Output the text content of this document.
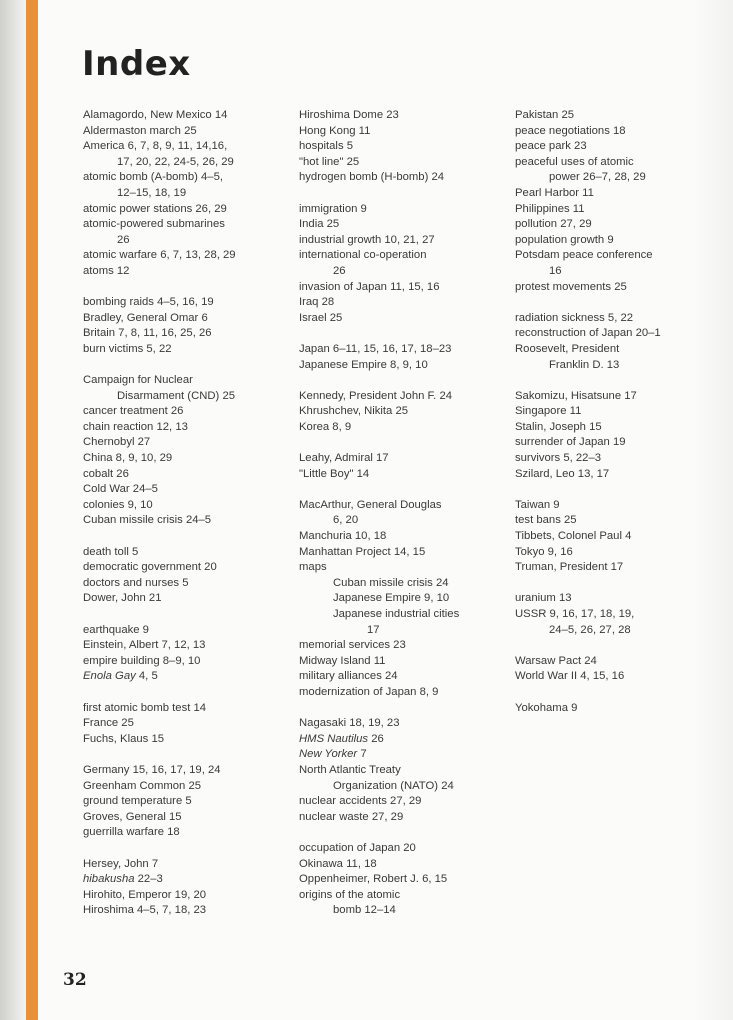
Index
Alamagordo, New Mexico 14
Aldermaston march 25
America 6, 7, 8, 9, 11, 14,16,
17, 20, 22, 24-5, 26, 29
atomic bomb (A-bomb) 4–5,
12–15, 18, 19
atomic power stations 26, 29
atomic-powered submarines
26
atomic warfare 6, 7, 13, 28, 29
atoms 12
bombing raids 4–5, 16, 19
Bradley, General Omar 6
Britain 7, 8, 11, 16, 25, 26
burn victims 5, 22
Campaign for Nuclear
Disarmament (CND) 25
cancer treatment 26
chain reaction 12, 13
Chernobyl 27
China 8, 9, 10, 29
cobalt 26
Cold War 24–5
colonies 9, 10
Cuban missile crisis 24–5
death toll 5
democratic government 20
doctors and nurses 5
Dower, John 21
earthquake 9
Einstein, Albert 7, 12, 13
empire building 8–9, 10
Enola Gay 4, 5
first atomic bomb test 14
France 25
Fuchs, Klaus 15
Germany 15, 16, 17, 19, 24
Greenham Common 25
ground temperature 5
Groves, General 15
guerrilla warfare 18
Hersey, John 7
hibakusha 22–3
Hirohito, Emperor 19, 20
Hiroshima 4–5, 7, 18, 23
Hiroshima Dome 23
Hong Kong 11
hospitals 5
"hot line" 25
hydrogen bomb (H-bomb) 24
immigration 9
India 25
industrial growth 10, 21, 27
international co-operation
26
invasion of Japan 11, 15, 16
Iraq 28
Israel 25
Japan 6–11, 15, 16, 17, 18–23
Japanese Empire 8, 9, 10
Kennedy, President John F. 24
Khrushchev, Nikita 25
Korea 8, 9
Leahy, Admiral 17
"Little Boy" 14
MacArthur, General Douglas
6, 20
Manchuria 10, 18
Manhattan Project 14, 15
maps
Cuban missile crisis 24
Japanese Empire 9, 10
Japanese industrial cities
17
memorial services 23
Midway Island 11
military alliances 24
modernization of Japan 8, 9
Nagasaki 18, 19, 23
HMS Nautilus 26
New Yorker 7
North Atlantic Treaty
Organization (NATO) 24
nuclear accidents 27, 29
nuclear waste 27, 29
occupation of Japan 20
Okinawa 11, 18
Oppenheimer, Robert J. 6, 15
origins of the atomic
bomb 12–14
Pakistan 25
peace negotiations 18
peace park 23
peaceful uses of atomic
power 26–7, 28, 29
Pearl Harbor 11
Philippines 11
pollution 27, 29
population growth 9
Potsdam peace conference
16
protest movements 25
radiation sickness 5, 22
reconstruction of Japan 20–1
Roosevelt, President
Franklin D. 13
Sakomizu, Hisatsune 17
Singapore 11
Stalin, Joseph 15
surrender of Japan 19
survivors 5, 22–3
Szilard, Leo 13, 17
Taiwan 9
test bans 25
Tibbets, Colonel Paul 4
Tokyo 9, 16
Truman, President 17
uranium 13
USSR 9, 16, 17, 18, 19,
24–5, 26, 27, 28
Warsaw Pact 24
World War II 4, 15, 16
Yokohama 9
32
